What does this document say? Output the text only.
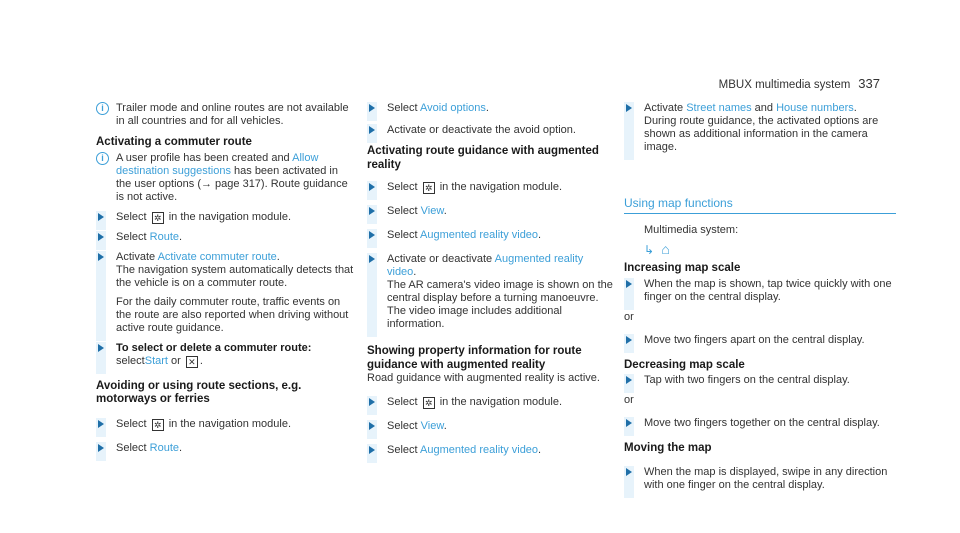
MBUX multimedia system 337
i	Trailer mode and online routes are not available in all countries and for all vehicles.

Activating a commuter route

i	A user profile has been created and Allow destination suggestions has been activated in the user options (→ page 317). Route guidance is not active.

Select ✲ in the navigation module.

Select Route.

Activate Activate commuter route.

The navigation system automatically detects that the vehicle is on a commuter route.

For the daily commuter route, traffic events on the route are also reported when driving without active route guidance.

To select or delete a commuter route:

selectStart or ✕ .

Avoiding or using route sections, e.g. motorways or ferries

Select ✲ in the navigation module.

Select Route.

Select Avoid options.

Activate or deactivate the avoid option.

Activating route guidance with augmented reality

Select ✲ in the navigation module.

Select View.

Select Augmented reality video.

Activate or deactivate Augmented reality video.

The AR camera's video image is shown on the central display before a turning manoeuvre. The video image includes additional information.

Showing property information for route guidance with augmented reality

Road guidance with augmented reality is active.

Select ✲ in the navigation module.

Select View.

Select Augmented reality video.

Activate Street names and House numbers.

During route guidance, the activated options are shown as additional information in the camera image.

Using map functions

Multimedia system:

↳ ⌂

Increasing map scale

When the map is shown, tap twice quickly with one finger on the central display.

or

Move two fingers apart on the central display.

Decreasing map scale

Tap with two fingers on the central display.

or

Move two fingers together on the central display.

Moving the map

When the map is displayed, swipe in any direction with one finger on the central display.
